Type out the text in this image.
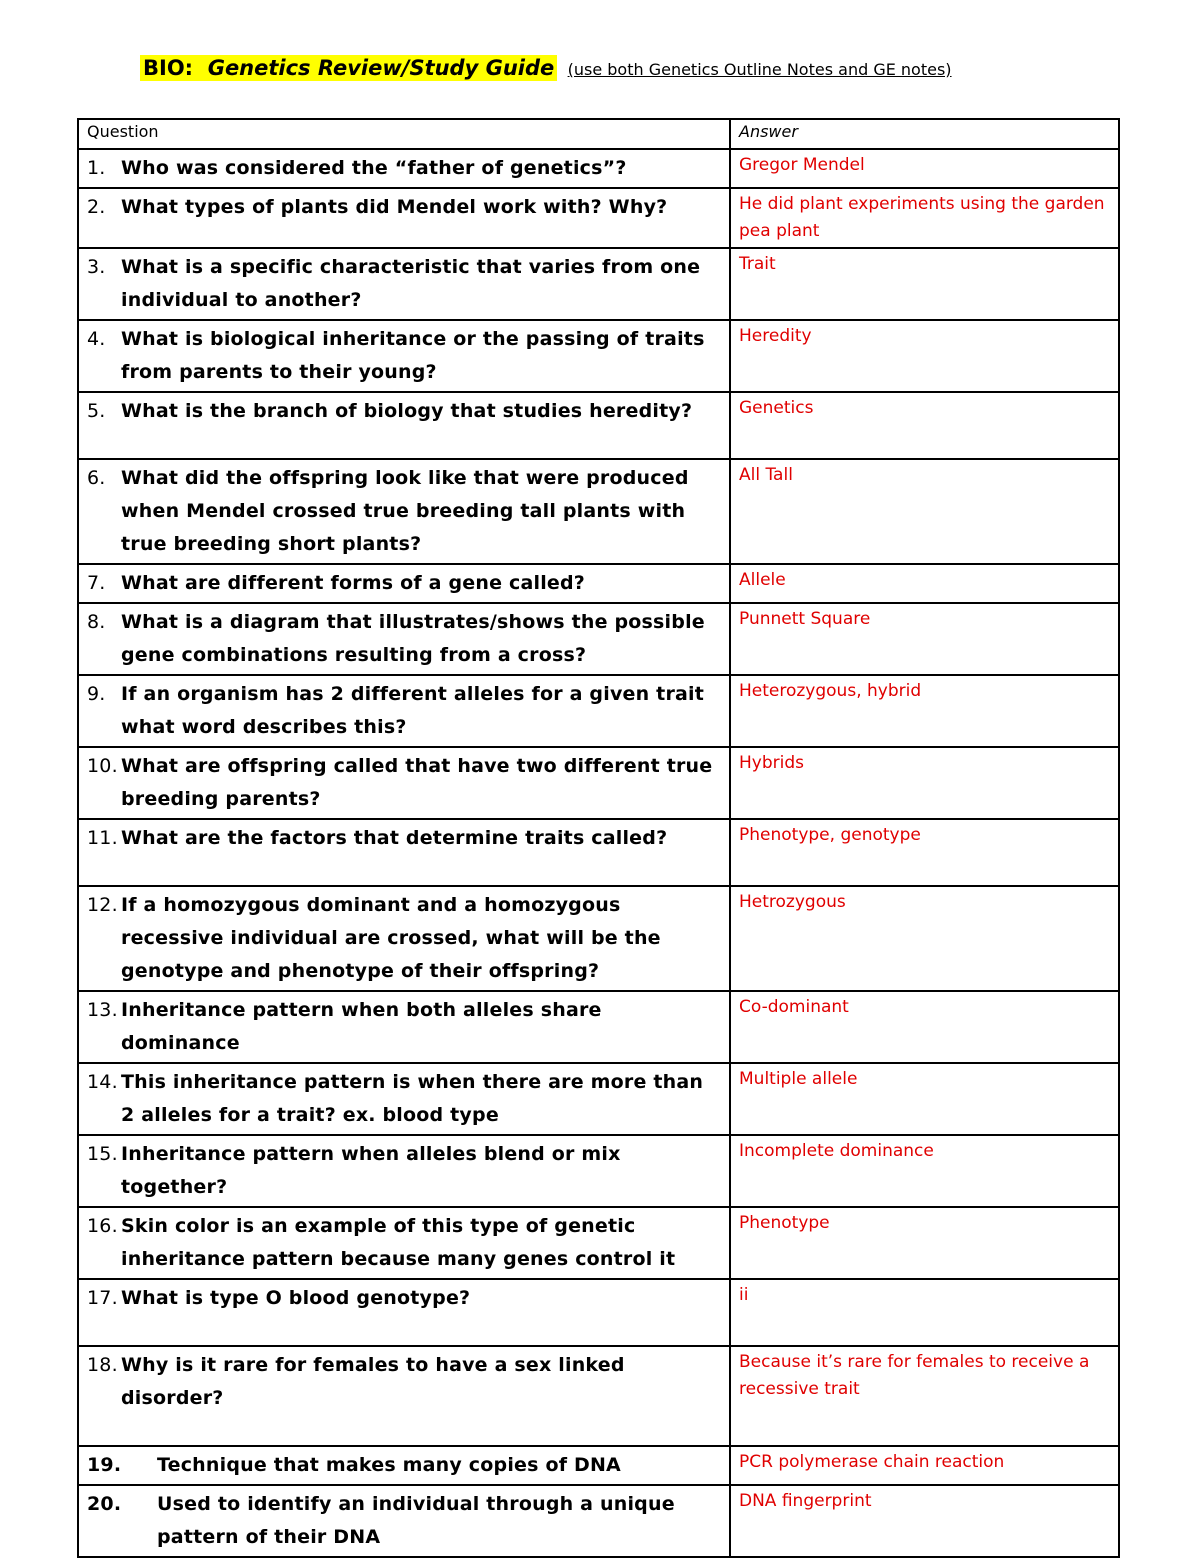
BIO: Genetics Review/Study Guide (use both Genetics Outline Notes and GE notes)
Question	Answer

1. Who was considered the “father of genetics”?	Gregor Mendel

2. What types of plants did Mendel work with? Why?	He did plant experiments using the garden pea plant

3. What is a specific characteristic that varies from one individual to another?	Trait

4. What is biological inheritance or the passing of traits from parents to their young?	Heredity

5. What is the branch of biology that studies heredity?	Genetics

6. What did the offspring look like that were produced when Mendel crossed true breeding tall plants with true breeding short plants?	All Tall

7. What are different forms of a gene called?	Allele

8. What is a diagram that illustrates/shows the possible gene combinations resulting from a cross?	Punnett Square

9. If an organism has 2 different alleles for a given trait what word describes this?	Heterozygous, hybrid

10. What are offspring called that have two different true breeding parents?	Hybrids

11. What are the factors that determine traits called?	Phenotype, genotype

12. If a homozygous dominant and a homozygous recessive individual are crossed, what will be the genotype and phenotype of their offspring?	Hetrozygous

13. Inheritance pattern when both alleles share dominance	Co-dominant

14. This inheritance pattern is when there are more than 2 alleles for a trait? ex. blood type	Multiple allele

15. Inheritance pattern when alleles blend or mix together?	Incomplete dominance

16. Skin color is an example of this type of genetic inheritance pattern because many genes control it	Phenotype

17. What is type O blood genotype?	ii

18. Why is it rare for females to have a sex linked disorder?	Because it’s rare for females to receive a recessive trait

19. Technique that makes many copies of DNA	PCR polymerase chain reaction

20. Used to identify an individual through a unique pattern of their DNA	DNA fingerprint
